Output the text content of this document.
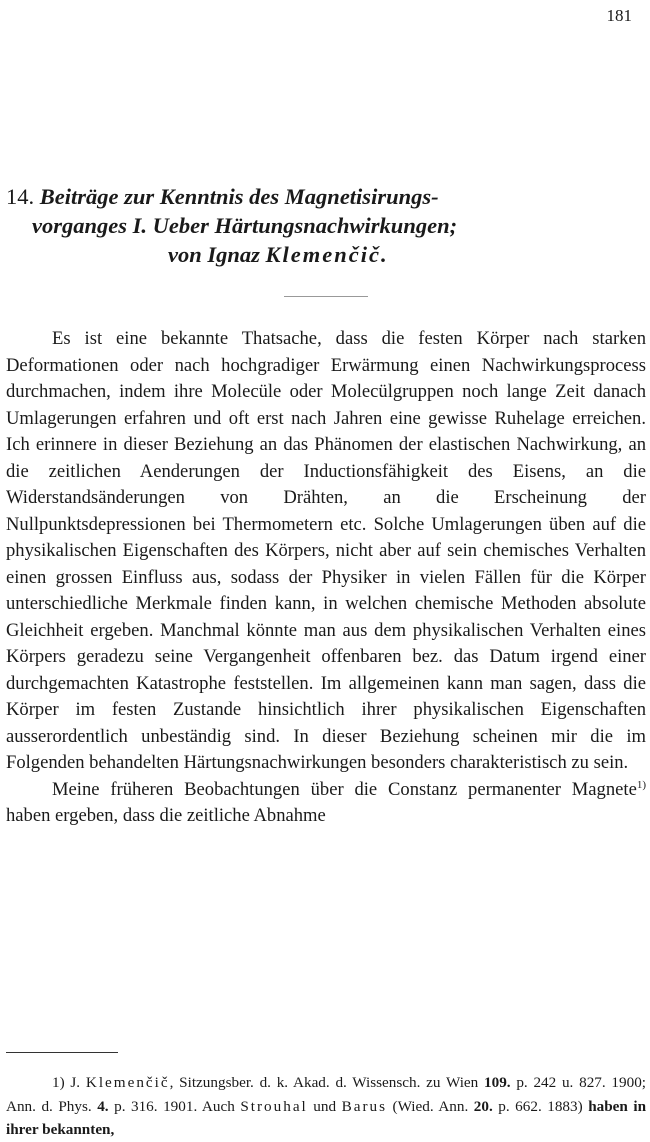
181

14. Beiträge zur Kenntnis des Magnetisirungs-

vorganges I. Ueber Härtungsnachwirkungen;

von Ignaz Klemenčič.

Es ist eine bekannte Thatsache, dass die festen Körper nach starken Deformationen oder nach hochgradiger Erwärmung einen Nachwirkungsprocess durchmachen, indem ihre Molecüle oder Molecülgruppen noch lange Zeit danach Umlagerungen erfahren und oft erst nach Jahren eine gewisse Ruhelage erreichen. Ich erinnere in dieser Beziehung an das Phänomen der elastischen Nachwirkung, an die zeitlichen Aenderungen der Inductionsfähigkeit des Eisens, an die Widerstandsänderungen von Drähten, an die Erscheinung der Nullpunktsdepressionen bei Thermometern etc. Solche Umlagerungen üben auf die physikalischen Eigenschaften des Körpers, nicht aber auf sein chemisches Verhalten einen grossen Einfluss aus, sodass der Physiker in vielen Fällen für die Körper unterschiedliche Merkmale finden kann, in welchen chemische Methoden absolute Gleichheit ergeben. Manchmal könnte man aus dem physikalischen Verhalten eines Körpers geradezu seine Vergangenheit offenbaren bez. das Datum irgend einer durchgemachten Katastrophe feststellen. Im allgemeinen kann man sagen, dass die Körper im festen Zustande hinsichtlich ihrer physikalischen Eigenschaften ausserordentlich unbeständig sind. In dieser Beziehung scheinen mir die im Folgenden behandelten Härtungsnachwirkungen besonders charakteristisch zu sein.

Meine früheren Beobachtungen über die Constanz permanenter Magnete$^{1)}$ haben ergeben, dass die zeitliche Abnahme

1) J. Klemenčič, Sitzungsber. d. k. Akad. d. Wissensch. zu Wien 109. p. 242 u. 827. 1900; Ann. d. Phys. 4. p. 316. 1901. Auch Strouhal und Barus (Wied. Ann. 20. p. 662. 1883) haben in ihrer bekannten,
